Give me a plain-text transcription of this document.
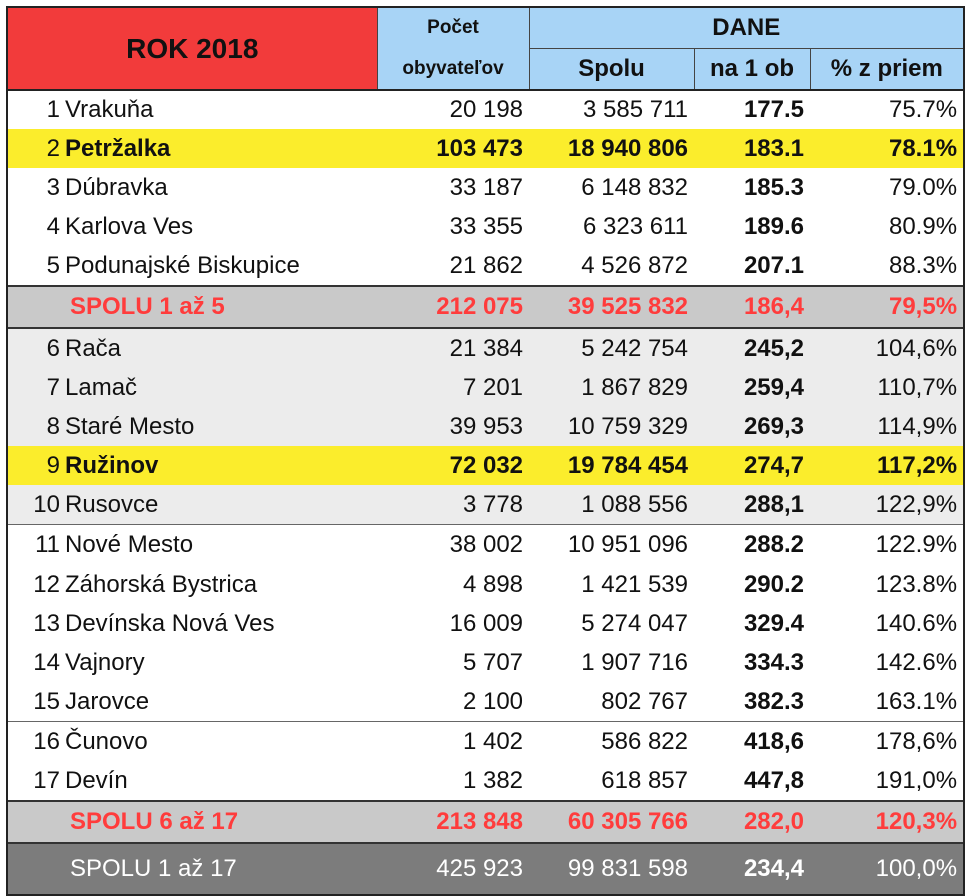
ROK 2018		Počet	DANE		
		obyvateľov	Spolu	na 1 ob	% z priem
1	Vrakuňa	20 198	3 585 711	177.5	75.7%
2	Petržalka	103 473	18 940 806	183.1	78.1%
3	Dúbravka	33 187	6 148 832	185.3	79.0%
4	Karlova Ves	33 355	6 323 611	189.6	80.9%
5	Podunajské Biskupice	21 862	4 526 872	207.1	88.3%
SPOLU 1 až 5		212 075	39 525 832	186,4	79,5%
6	Rača	21 384	5 242 754	245,2	104,6%
7	Lamač	7 201	1 867 829	259,4	110,7%
8	Staré Mesto	39 953	10 759 329	269,3	114,9%
9	Ružinov	72 032	19 784 454	274,7	117,2%
10	Rusovce	3 778	1 088 556	288,1	122,9%
11	Nové Mesto	38 002	10 951 096	288.2	122.9%
12	Záhorská Bystrica	4 898	1 421 539	290.2	123.8%
13	Devínska Nová Ves	16 009	5 274 047	329.4	140.6%
14	Vajnory	5 707	1 907 716	334.3	142.6%
15	Jarovce	2 100	802 767	382.3	163.1%
16	Čunovo	1 402	586 822	418,6	178,6%
17	Devín	1 382	618 857	447,8	191,0%
SPOLU 6 až 17		213 848	60 305 766	282,0	120,3%
SPOLU 1 až 17		425 923	99 831 598	234,4	100,0%
